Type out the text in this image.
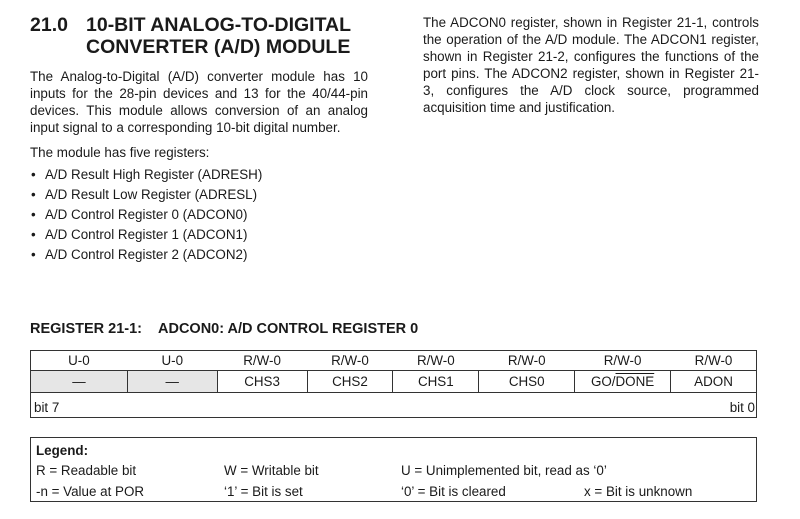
21.0 10-BIT ANALOG-TO-DIGITAL
CONVERTER (A/D) MODULE

The Analog-to-Digital (A/D) converter module has 10 inputs for the 28-pin devices and 13 for the 40/44-pin devices. This module allows conversion of an analog input signal to a corresponding 10-bit digital number.

The module has five registers:

• A/D Result High Register (ADRESH)
• A/D Result Low Register (ADRESL)
• A/D Control Register 0 (ADCON0)
• A/D Control Register 1 (ADCON1)
• A/D Control Register 2 (ADCON2)

The ADCON0 register, shown in Register 21-1, controls the operation of the A/D module. The ADCON1 register, shown in Register 21-2, configures the functions of the port pins. The ADCON2 register, shown in Register 21-3, configures the A/D clock source, programmed acquisition time and justification.

REGISTER 21-1: ADCON0: A/D CONTROL REGISTER 0
U-0	U-0	R/W-0	R/W-0	R/W-0	R/W-0	R/W-0	R/W-0
—	—	CHS3	CHS2	CHS1	CHS0	GO/DONE	ADON
bit 7	bit 0
Legend:
R = Readable bit	W = Writable bit	U = Unimplemented bit, read as ‘0’
-n = Value at POR	‘1’ = Bit is set	‘0’ = Bit is cleared	x = Bit is unknown
